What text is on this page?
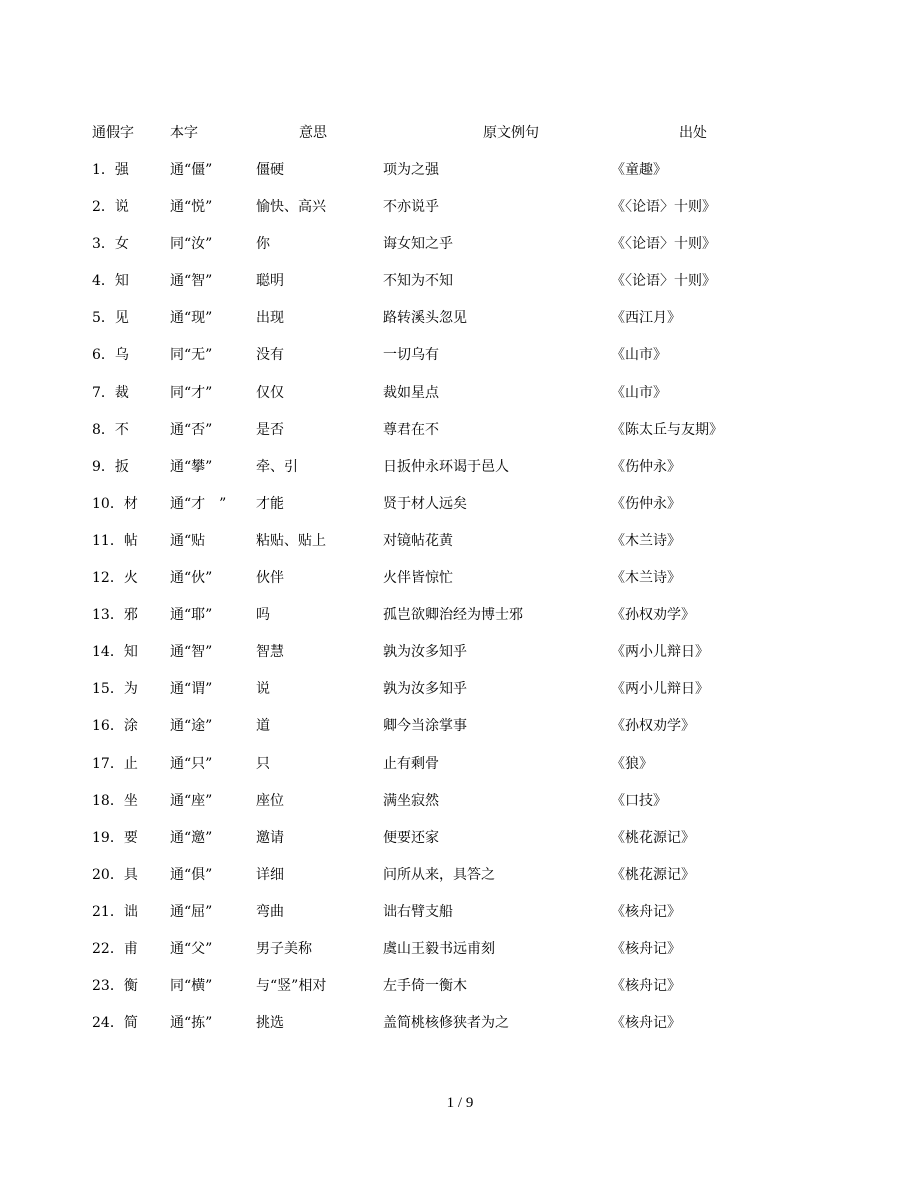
通假字	本字	意思	原文例句	出处
1．强	通“僵”	僵硬	项为之强	《童趣》
2．说	通“悦”	愉快、高兴	不亦说乎	《〈论语〉十则》
3．女	同“汝”	你	诲女知之乎	《〈论语〉十则》
4．知	通“智”	聪明	不知为不知	《〈论语〉十则》
5．见	通“现”	出现	路转溪头忽见	《西江月》
6．乌	同“无”	没有	一切乌有	《山市》
7．裁	同“才”	仅仅	裁如星点	《山市》
8．不	通“否”	是否	尊君在不	《陈太丘与友期》
9．扳	通“攀”	牵、引	日扳仲永环谒于邑人	《伤仲永》
10．材 通“才　” 才能	贤于材人远矣	《伤仲永》
11．帖 通“贴	粘贴、贴上	对镜帖花黄	《木兰诗》
12．火 通“伙”	伙伴	火伴皆惊忙	《木兰诗》
13．邪 通“耶”	吗	孤岂欲卿治经为博士邪	《孙权劝学》
14．知 通“智”	智慧	孰为汝多知乎	《两小儿辩日》
15．为 通“谓”	说	孰为汝多知乎	《两小儿辩日》
16．涂 通“途”	道	卿今当涂掌事	《孙权劝学》
17．止 通“只”	只	止有剩骨	《狼》
18．坐 通“座”	座位	满坐寂然	《口技》
19．要 通“邀”	邀请	便要还家	《桃花源记》
20．具 通“俱”	详细	问所从来，具答之	《桃花源记》
21．诎 通“屈”	弯曲	诎右臂支船	《核舟记》
22．甫 通“父”	男子美称	虞山王毅书远甫刻	《核舟记》
23．衡 同“横”	与“竖”相对	左手倚一衡木	《核舟记》
24．简 通“拣”	挑选	盖简桃核修狭者为之	《核舟记》
1 / 9
